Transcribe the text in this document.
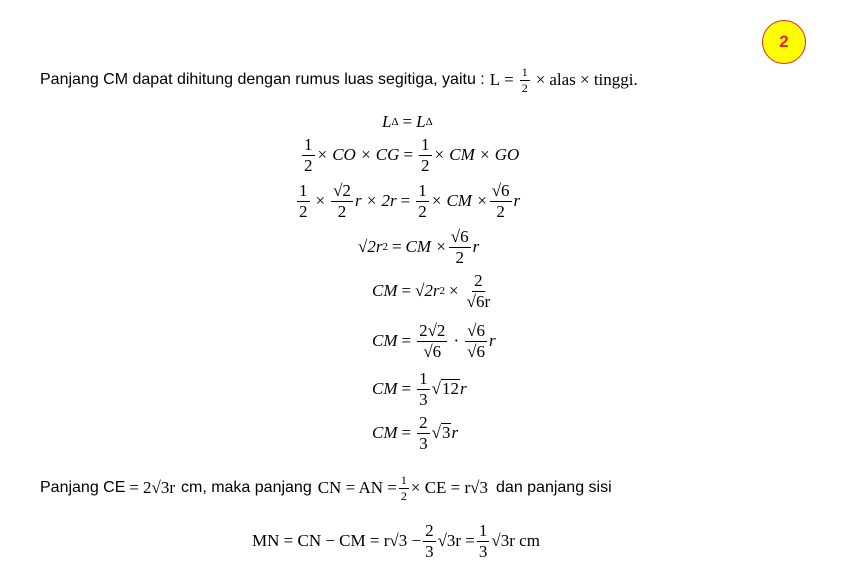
2
Panjang CM dapat dihitung dengan rumus luas segitiga, yaitu : $L = \frac{1}{2}$ × alas × tinggi.
L Δ = L Δ
$\frac{1}{2}$ × CO × CG = $\frac{1}{2}$ × CM × GO
$\frac{1}{2} \times \frac{√2}{2}$ $r \times 2r = \frac{1}{2}$ × CM × $\frac{√6}{2}$ r
√2r 2 = CM × $\frac{√6}{2}$ r
CM = √2r $2 \times \frac{2}{√6r}$
CM = $\frac{2√2}{√6} \cdot \frac{√6}{√6}$ r
CM = $\frac{1}{3}$ √ 12 r
CM = $\frac{2}{3}$ √ 3 r
Panjang CE = 2√3r cm, maka panjang CN = AN = $\frac{1}{2}$ × CE = r√3 dan panjang sisi
MN = CN − CM = $r√3 - \frac{2}{3} √3r = \frac{1}{3} √3r$ cm
